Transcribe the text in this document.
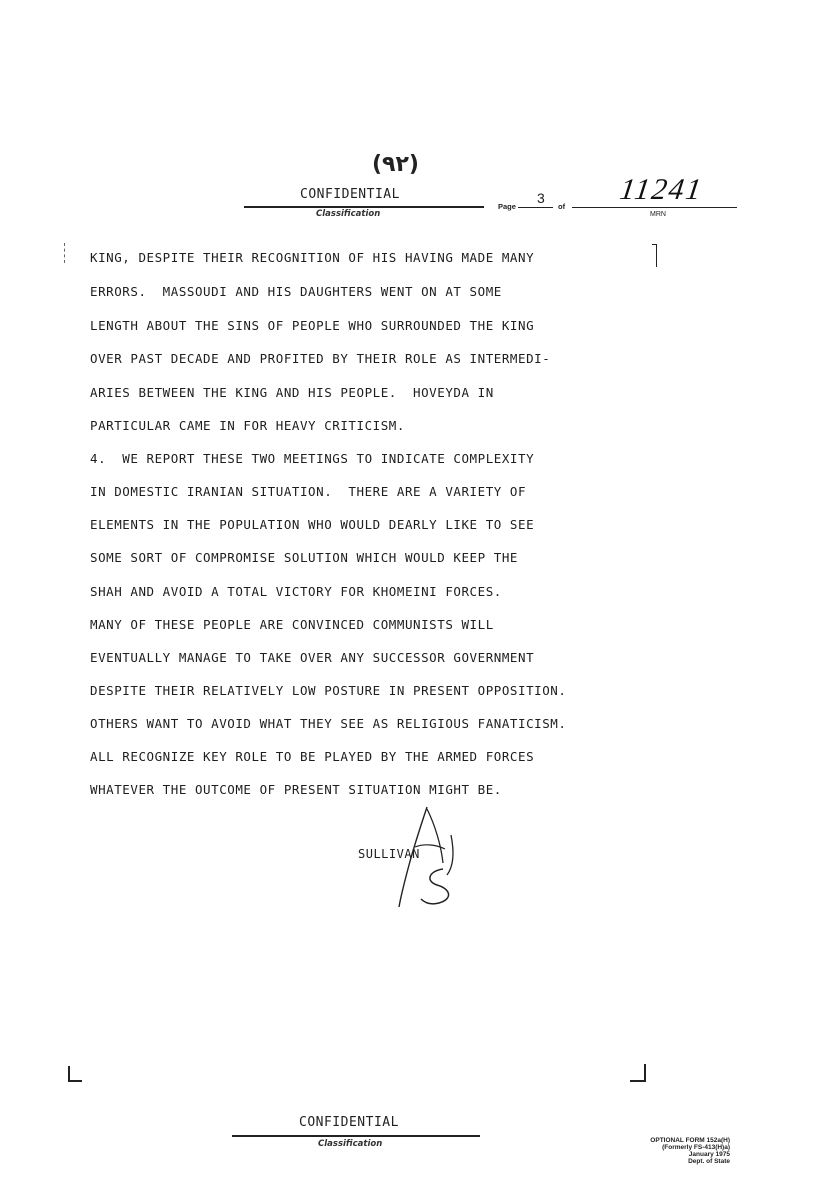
(۹۲)
CONFIDENTIAL
Classification
Page
3
of
11241
MRN
KING, DESPITE THEIR RECOGNITION OF HIS HAVING MADE MANY
ERRORS.  MASSOUDI AND HIS DAUGHTERS WENT ON AT SOME
LENGTH ABOUT THE SINS OF PEOPLE WHO SURROUNDED THE KING
OVER PAST DECADE AND PROFITED BY THEIR ROLE AS INTERMEDI-
ARIES BETWEEN THE KING AND HIS PEOPLE.  HOVEYDA IN
PARTICULAR CAME IN FOR HEAVY CRITICISM.
4.  WE REPORT THESE TWO MEETINGS TO INDICATE COMPLEXITY
IN DOMESTIC IRANIAN SITUATION.  THERE ARE A VARIETY OF
ELEMENTS IN THE POPULATION WHO WOULD DEARLY LIKE TO SEE
SOME SORT OF COMPROMISE SOLUTION WHICH WOULD KEEP THE
SHAH AND AVOID A TOTAL VICTORY FOR KHOMEINI FORCES.
MANY OF THESE PEOPLE ARE CONVINCED COMMUNISTS WILL
EVENTUALLY MANAGE TO TAKE OVER ANY SUCCESSOR GOVERNMENT
DESPITE THEIR RELATIVELY LOW POSTURE IN PRESENT OPPOSITION.
OTHERS WANT TO AVOID WHAT THEY SEE AS RELIGIOUS FANATICISM.
ALL RECOGNIZE KEY ROLE TO BE PLAYED BY THE ARMED FORCES
WHATEVER THE OUTCOME OF PRESENT SITUATION MIGHT BE.
SULLIVAN
CONFIDENTIAL
Classification	OPTIONAL FORM 152a(H)
(Formerly FS-413(H)a)
January 1975
Dept. of State
